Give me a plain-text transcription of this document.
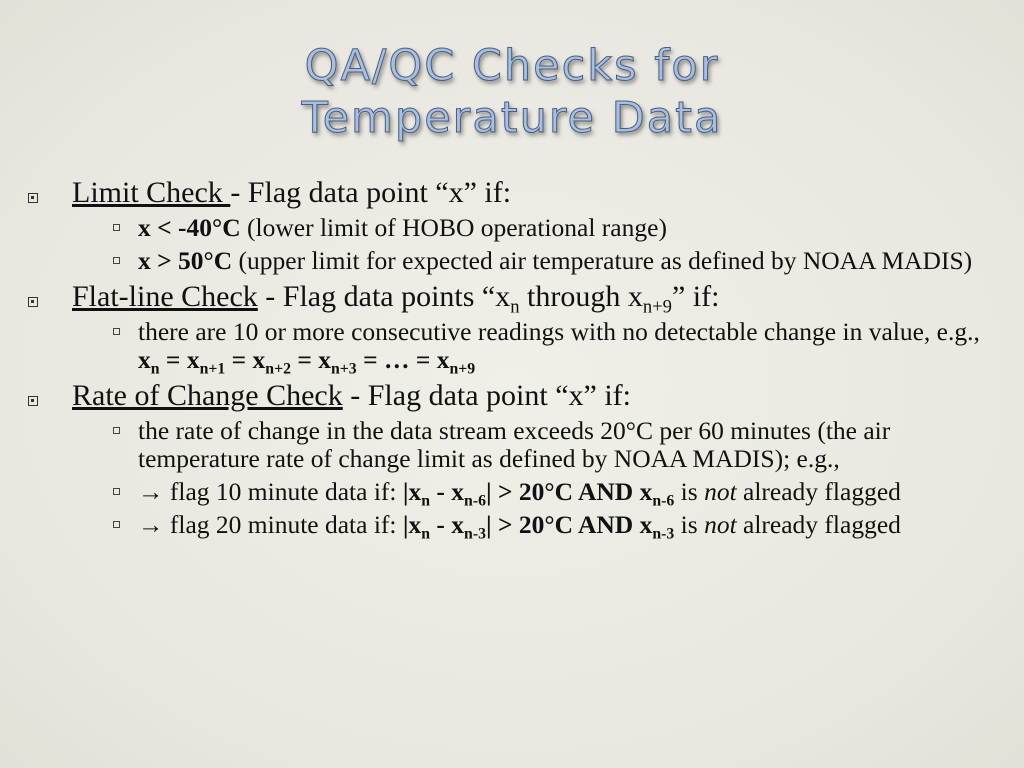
QA/QC Checks for
Temperature Data
Limit Check - Flag data point “x” if:
x < -40°C (lower limit of HOBO operational range)
x > 50°C (upper limit for expected air temperature as defined by NOAA MADIS)
Flat-line Check - Flag data points “$x_n$ through $x_{n+9}$” if:
there are 10 or more consecutive readings with no detectable change in value, e.g., $x_n = x_{n+1} = x_{n+2} = x_{n+3}$ = … = $x_{n+9}$
Rate of Change Check - Flag data point “x” if:
the rate of change in the data stream exceeds 20°C per 60 minutes (the air temperature rate of change limit as defined by NOAA MADIS); e.g.,
→ flag 10 minute data if: $|x_n - x_{n-6}| > 20^\circ C$ AND $x_{n-6}$ is not already flagged
→ flag 20 minute data if: $|x_n - x_{n-3}| > 20^\circ C$ AND $x_{n-3}$ is not already flagged
